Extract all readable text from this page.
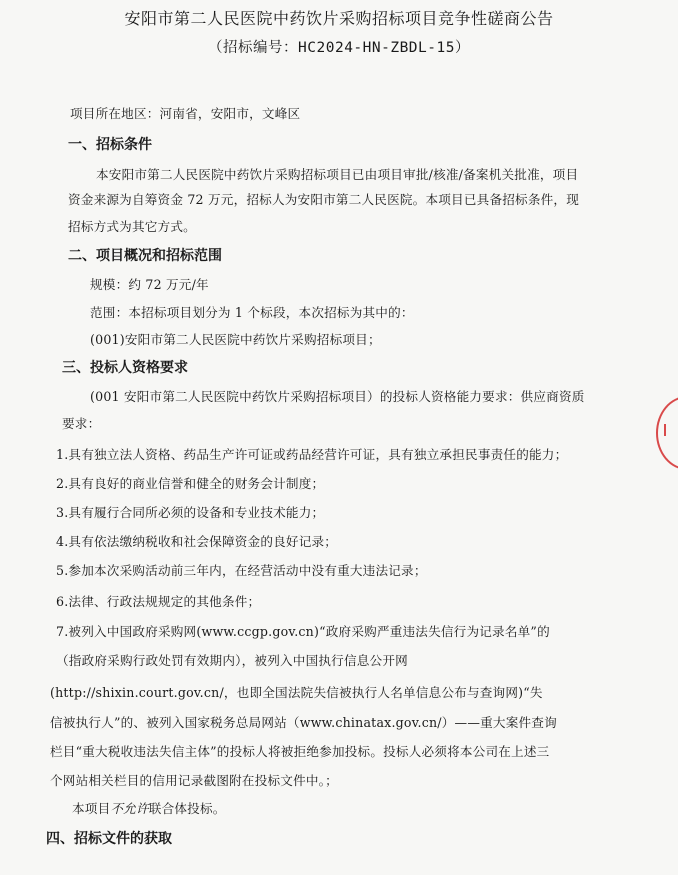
安阳市第二人民医院中药饮片采购招标项目竞争性磋商公告
（招标编号：HC2024-HN-ZBDL-15）
项目所在地区：河南省，安阳市，文峰区
一、招标条件
本安阳市第二人民医院中药饮片采购招标项目已由项目审批/核准/备案机关批准，项目
资金来源为自筹资金 72 万元，招标人为安阳市第二人民医院。本项目已具备招标条件，现
招标方式为其它方式。
二、项目概况和招标范围
规模：约 72 万元/年
范围：本招标项目划分为 1 个标段，本次招标为其中的：
(001)安阳市第二人民医院中药饮片采购招标项目；
三、投标人资格要求
(001 安阳市第二人民医院中药饮片采购招标项目）的投标人资格能力要求：供应商资质
要求：
1.具有独立法人资格、药品生产许可证或药品经营许可证，具有独立承担民事责任的能力；
2.具有良好的商业信誉和健全的财务会计制度；
3.具有履行合同所必须的设备和专业技术能力；
4.具有依法缴纳税收和社会保障资金的良好记录；
5.参加本次采购活动前三年内，在经营活动中没有重大违法记录；
6.法律、行政法规规定的其他条件；
7.被列入中国政府采购网(www.ccgp.gov.cn)“政府采购严重违法失信行为记录名单”的
（指政府采购行政处罚有效期内），被列入中国执行信息公开网
(http://shixin.court.gov.cn/，也即全国法院失信被执行人名单信息公布与查询网)“失
信被执行人”的、被列入国家税务总局网站（www.chinatax.gov.cn/）——重大案件查询
栏目“重大税收违法失信主体”的投标人将被拒绝参加投标。投标人必须将本公司在上述三
个网站相关栏目的信用记录截图附在投标文件中。；
本项目不允许联合体投标。
四、招标文件的获取
